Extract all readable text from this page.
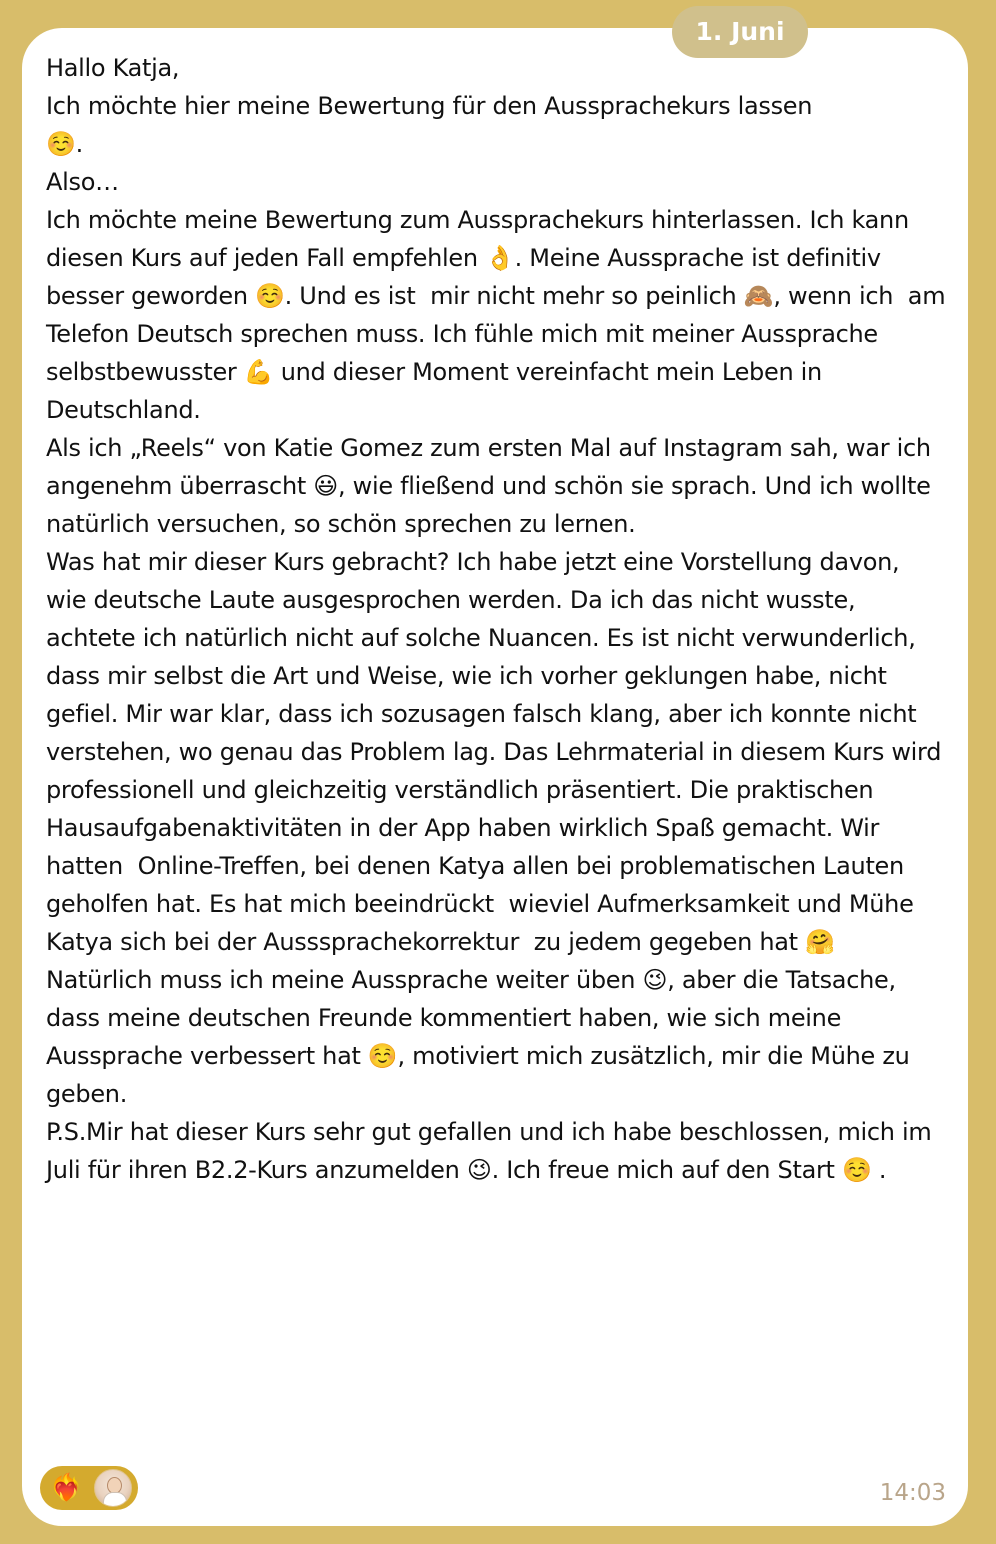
1. Juni

Hallo Katja,

Ich möchte hier meine Bewertung für den Aussprachekurs lassen
☺️.
Also…

Ich möchte meine Bewertung zum Aussprachekurs hinterlassen. Ich kann diesen Kurs auf jeden Fall empfehlen 👌. Meine Aussprache ist definitiv besser geworden ☺️. Und es ist  mir nicht mehr so peinlich 🙈, wenn ich  am Telefon Deutsch sprechen muss. Ich fühle mich mit meiner Aussprache selbstbewusster 💪 und dieser Moment vereinfacht mein Leben in Deutschland.
Als ich „Reels“ von Katie Gomez zum ersten Mal auf Instagram sah, war ich angenehm überrascht 😃, wie fließend und schön sie sprach. Und ich wollte natürlich versuchen, so schön sprechen zu lernen.

Was hat mir dieser Kurs gebracht? Ich habe jetzt eine Vorstellung davon, wie deutsche Laute ausgesprochen werden. Da ich das nicht wusste, achtete ich natürlich nicht auf solche Nuancen. Es ist nicht verwunderlich, dass mir selbst die Art und Weise, wie ich vorher geklungen habe, nicht gefiel. Mir war klar, dass ich sozusagen falsch klang, aber ich konnte nicht verstehen, wo genau das Problem lag. Das Lehrmaterial in diesem Kurs wird professionell und gleichzeitig verständlich präsentiert. Die praktischen Hausaufgabenaktivitäten in der App haben wirklich Spaß gemacht. Wir hatten  Online-Treffen, bei denen Katya allen bei problematischen Lauten geholfen hat. Es hat mich beeindrückt  wieviel Aufmerksamkeit und Mühe Katya sich bei der Ausssprachekorrektur  zu jedem gegeben hat 🤗
Natürlich muss ich meine Aussprache weiter üben 😉, aber die Tatsache, dass meine deutschen Freunde kommentiert haben, wie sich meine Aussprache verbessert hat ☺️, motiviert mich zusätzlich, mir die Mühe zu geben.

P.S.Mir hat dieser Kurs sehr gut gefallen und ich habe beschlossen, mich im Juli für ihren B2.2-Kurs anzumelden 😉. Ich freue mich auf den Start ☺️ .

❤️‍🔥	14:03
